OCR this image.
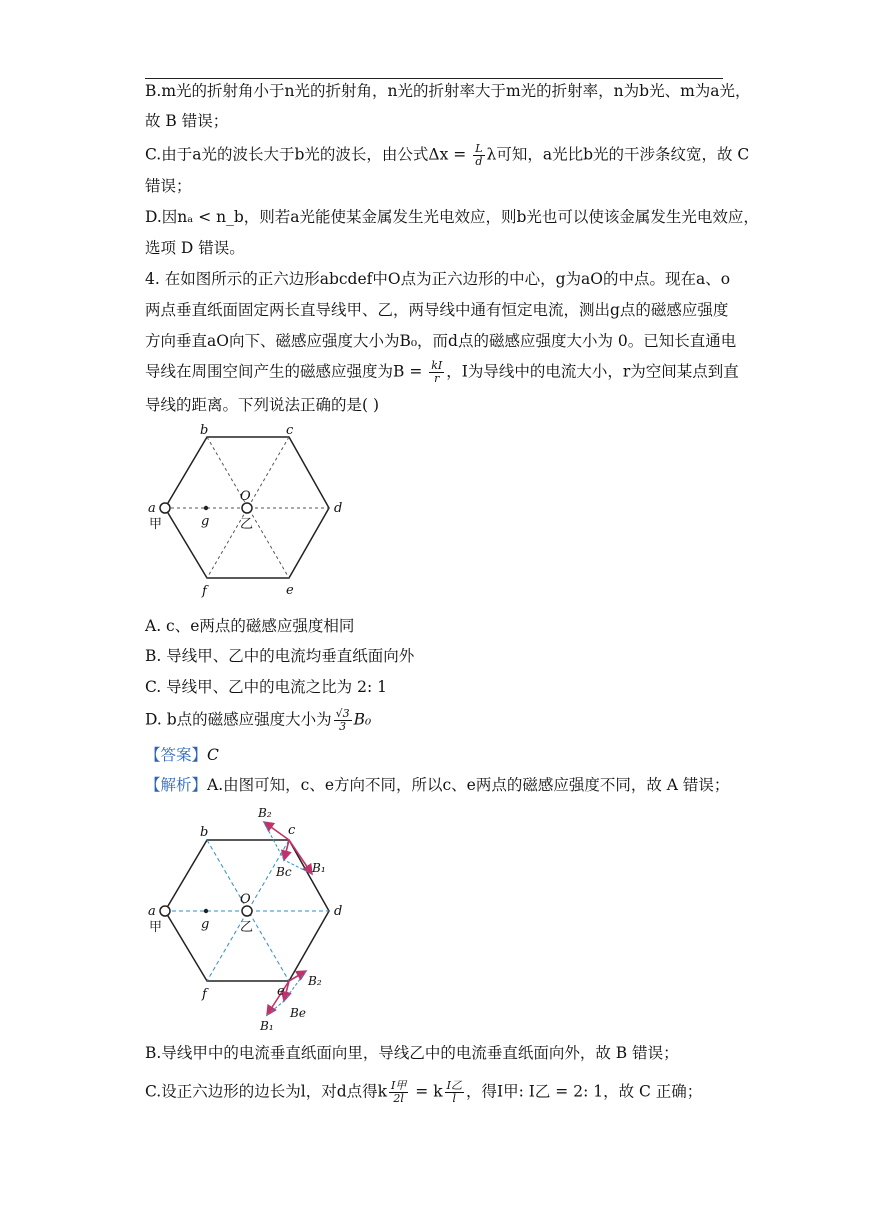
B.m光的折射角小于n光的折射角，n光的折射率大于m光的折射率，n为b光、m为a光，
故 B 错误；
C.由于a光的波长大于b光的波长，由公式$\Delta x = \frac{L}{d}$ λ可知，a光比b光的干涉条纹宽，故 C
错误；
D.因nₐ < n_b，则若a光能使某金属发生光电效应，则b光也可以使该金属发生光电效应，
选项 D 错误。
4. 在如图所示的正六边形abcdef中O点为正六边形的中心，g为aO的中点。现在a、o
两点垂直纸面固定两长直导线甲、乙，两导线中通有恒定电流，测出g点的磁感应强度
方向垂直aO向下、磁感应强度大小为B₀，而d点的磁感应强度大小为 0。已知长直通电
导线在周围空间产生的磁感应强度为$B = \frac{kI}{r}$ ，I为导线中的电流大小，r为空间某点到直
导线的距离。下列说法正确的是( )
b	c
a	d
O
g
甲	乙
f	e
A. c、e两点的磁感应强度相同
B. 导线甲、乙中的电流均垂直纸面向外
C. 导线甲、乙中的电流之比为 2: 1
D. b点的磁感应强度大小为 $\frac{√3}{3} B_0$
【答案】C
【解析】A.由图可知，c、e方向不同，所以c、e两点的磁感应强度不同，故 A 错误；
b	c
a	d
O
g
甲	乙
f	e
B₂
B₁
Bc
B₂
B₁
Be
B.导线甲中的电流垂直纸面向里，导线乙中的电流垂直纸面向外，故 B 错误；
C.设正六边形的边长为l，对d点得k $\frac{\text{I甲}}{2l} = k \frac{\text{I乙}}{l}$ ，得I甲: I乙 = 2: 1，故 C 正确；
